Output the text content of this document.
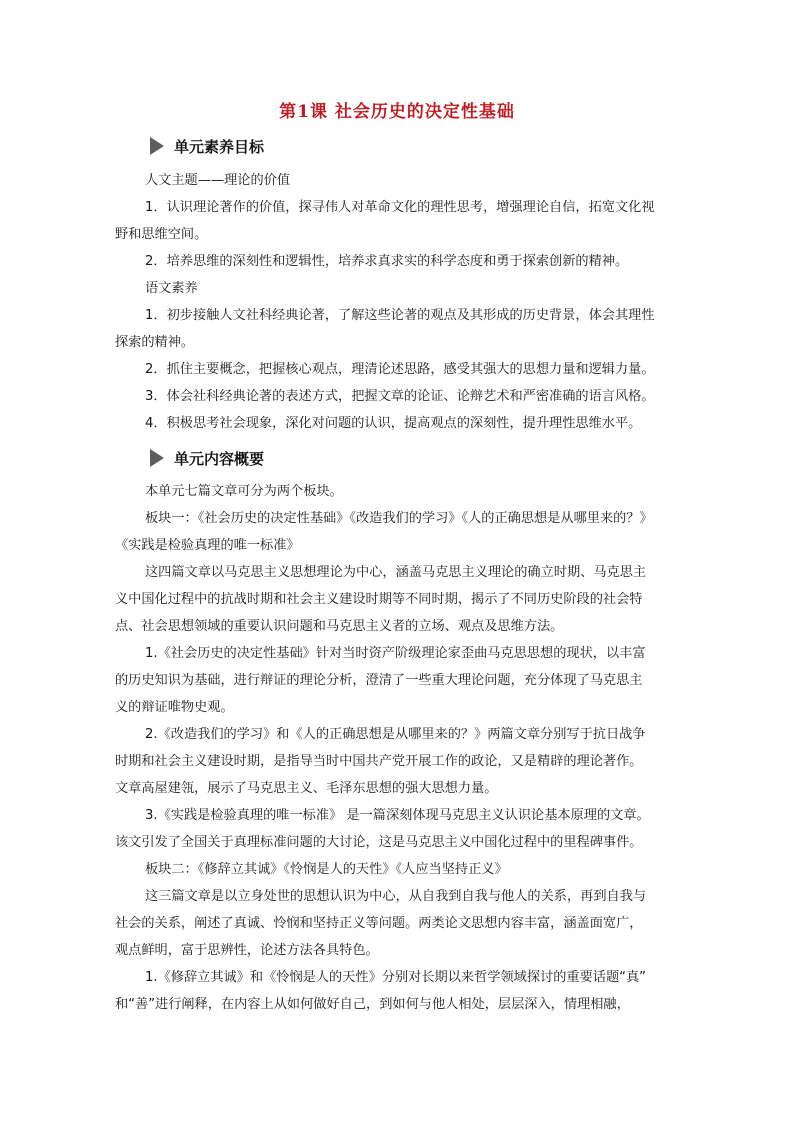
第1课 社会历史的决定性基础
单元素养目标

人文主题——理论的价值

1．认识理论著作的价值，探寻伟人对革命文化的理性思考，增强理论自信，拓宽文化视

野和思维空间。

2．培养思维的深刻性和逻辑性，培养求真求实的科学态度和勇于探索创新的精神。

语文素养

1．初步接触人文社科经典论著，了解这些论著的观点及其形成的历史背景，体会其理性

探索的精神。

2．抓住主要概念，把握核心观点，理清论述思路，感受其强大的思想力量和逻辑力量。

3．体会社科经典论著的表述方式，把握文章的论证、论辩艺术和严密准确的语言风格。

4．积极思考社会现象，深化对问题的认识，提高观点的深刻性，提升理性思维水平。

单元内容概要

本单元七篇文章可分为两个板块。

板块一：《社会历史的决定性基础》《改造我们的学习》《人的正确思想是从哪里来的？》

《实践是检验真理的唯一标准》

这四篇文章以马克思主义思想理论为中心，涵盖马克思主义理论的确立时期、马克思主

义中国化过程中的抗战时期和社会主义建设时期等不同时期，揭示了不同历史阶段的社会特

点、社会思想领域的重要认识问题和马克思主义者的立场、观点及思维方法。

1.《社会历史的决定性基础》针对当时资产阶级理论家歪曲马克思思想的现状，以丰富

的历史知识为基础，进行辩证的理论分析，澄清了一些重大理论问题，充分体现了马克思主

义的辩证唯物史观。

2.《改造我们的学习》和《人的正确思想是从哪里来的？》两篇文章分别写于抗日战争

时期和社会主义建设时期，是指导当时中国共产党开展工作的政论，又是精辟的理论著作。

文章高屋建瓴，展示了马克思主义、毛泽东思想的强大思想力量。

3.《实践是检验真理的唯一标准》 是一篇深刻体现马克思主义认识论基本原理的文章。

该文引发了全国关于真理标准问题的大讨论，这是马克思主义中国化过程中的里程碑事件。

板块二：《修辞立其诚》《怜悯是人的天性》《人应当坚持正义》

这三篇文章是以立身处世的思想认识为中心，从自我到自我与他人的关系，再到自我与

社会的关系，阐述了真诚、怜悯和坚持正义等问题。两类论文思想内容丰富，涵盖面宽广，

观点鲜明，富于思辨性，论述方法各具特色。

1.《修辞立其诚》和《怜悯是人的天性》分别对长期以来哲学领域探讨的重要话题“真”

和“善”进行阐释，在内容上从如何做好自己，到如何与他人相处，层层深入，情理相融，
